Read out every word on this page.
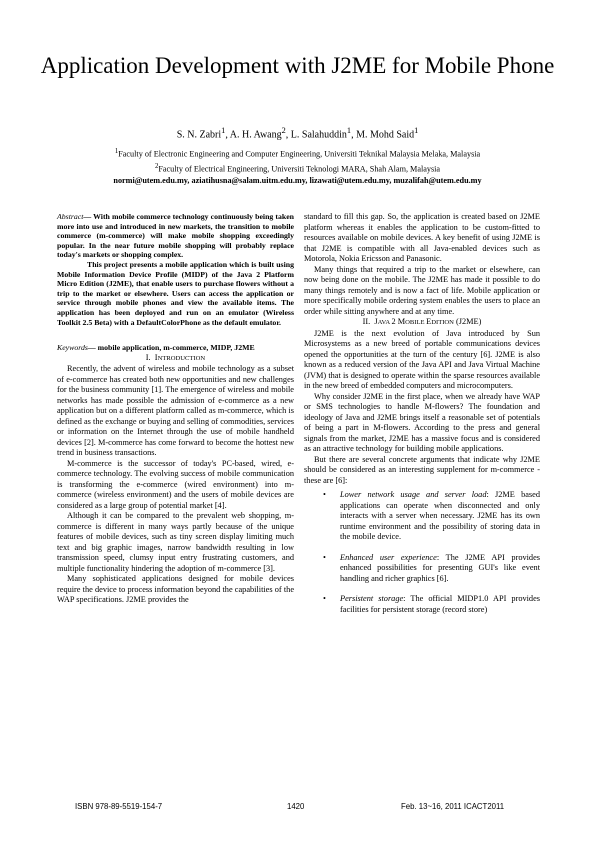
Application Development with J2ME for Mobile Phone
S. N. Zabri$^1$, A. H. Awang$^2$, L. Salahuddin$^1$, M. Mohd Said$^1$
$^1$Faculty of Electronic Engineering and Computer Engineering, Universiti Teknikal Malaysia Melaka, Malaysia
$^2$Faculty of Electrical Engineering, Universiti Teknologi MARA, Shah Alam, Malaysia
normi@utem.edu.my, aziatihusna@salam.uitm.edu.my, lizawati@utem.edu.my, muzalifah@utem.edu.my

Abstract— With mobile commerce technology continuously being taken more into use and introduced in new markets, the transition to mobile commerce (m-commerce) will make mobile shopping exceedingly popular. In the near future mobile shopping will probably replace today's markets or shopping complex.

This project presents a mobile application which is built using Mobile Information Device Profile (MIDP) of the Java 2 Platform Micro Edition (J2ME), that enable users to purchase flowers without a trip to the market or elsewhere. Users can access the application or service through mobile phones and view the available items. The application has been deployed and run on an emulator (Wireless Toolkit 2.5 Beta) with a DefaultColorPhone as the default emulator.

Keywords— mobile application, m-commerce, MIDP, J2ME

I. INTRODUCTION

Recently, the advent of wireless and mobile technology as a subset of e-commerce has created both new opportunities and new challenges for the business community [1]. The emergence of wireless and mobile networks has made possible the admission of e-commerce as a new application but on a different platform called as m-commerce, which is defined as the exchange or buying and selling of commodities, services or information on the Internet through the use of mobile handheld devices [2]. M-commerce has come forward to become the hottest new trend in business transactions.

M-commerce is the successor of today's PC-based, wired, e-commerce technology. The evolving success of mobile communication is transforming the e-commerce (wired environment) into m-commerce (wireless environment) and the users of mobile devices are considered as a large group of potential market [4].

Although it can be compared to the prevalent web shopping, m-commerce is different in many ways partly because of the unique features of mobile devices, such as tiny screen display limiting much text and big graphic images, narrow bandwidth resulting in low transmission speed, clumsy input entry frustrating customers, and multiple functionality hindering the adoption of m-commerce [3].

Many sophisticated applications designed for mobile devices require the device to process information beyond the capabilities of the WAP specifications. J2ME provides the

standard to fill this gap. So, the application is created based on J2ME platform whereas it enables the application to be custom-fitted to resources available on mobile devices. A key benefit of using J2ME is that J2ME is compatible with all Java-enabled devices such as Motorola, Nokia Ericsson and Panasonic.

Many things that required a trip to the market or elsewhere, can now being done on the mobile. The J2ME has made it possible to do many things remotely and is now a fact of life. Mobile application or more specifically mobile ordering system enables the users to place an order while sitting anywhere and at any time.

II. JAVA 2 MOBILE EDITION (J2ME)

J2ME is the next evolution of Java introduced by Sun Microsystems as a new breed of portable communications devices opened the opportunities at the turn of the century [6]. J2ME is also known as a reduced version of the Java API and Java Virtual Machine (JVM) that is designed to operate within the sparse resources available in the new breed of embedded computers and microcomputers.

Why consider J2ME in the first place, when we already have WAP or SMS technologies to handle M-flowers? The foundation and ideology of Java and J2ME brings itself a reasonable set of potentials of being a part in M-flowers. According to the press and general signals from the market, J2ME has a massive focus and is considered as an attractive technology for building mobile applications.

But there are several concrete arguments that indicate why J2ME should be considered as an interesting supplement for m-commerce - these are [6]:

• Lower network usage and server load: J2ME based applications can operate when disconnected and only interacts with a server when necessary. J2ME has its own runtime environment and the possibility of storing data in the mobile device.
• Enhanced user experience: The J2ME API provides enhanced possibilities for presenting GUI's like event handling and richer graphics [6].
• Persistent storage: The official MIDP1.0 API provides facilities for persistent storage (record store)
ISBN 978-89-5519-154-7	1420	Feb. 13~16, 2011 ICACT2011
